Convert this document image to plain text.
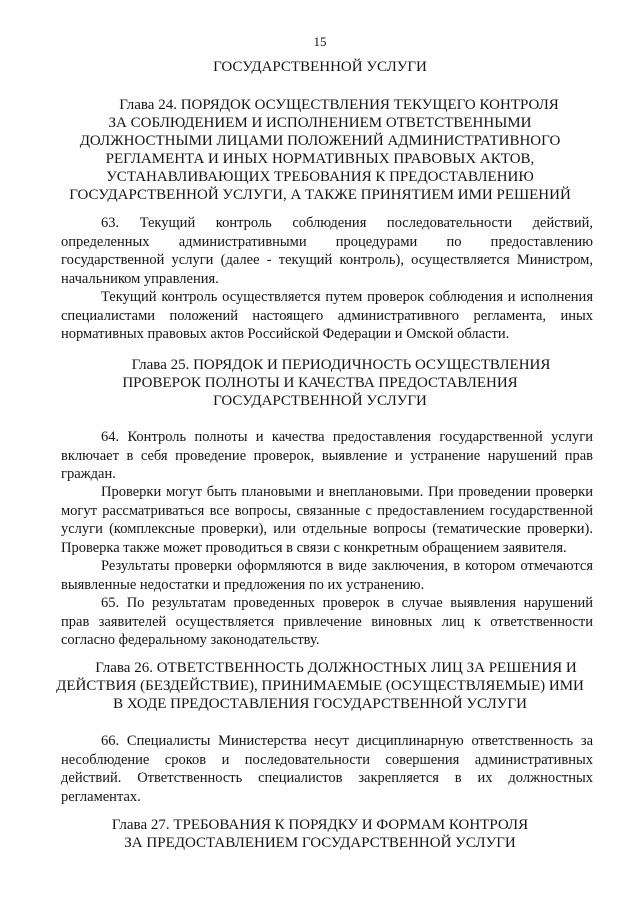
15
ГОСУДАРСТВЕННОЙ УСЛУГИ
Глава 24. ПОРЯДОК ОСУЩЕСТВЛЕНИЯ ТЕКУЩЕГО КОНТРОЛЯ
ЗА СОБЛЮДЕНИЕМ И ИСПОЛНЕНИЕМ ОТВЕТСТВЕННЫМИ
ДОЛЖНОСТНЫМИ ЛИЦАМИ ПОЛОЖЕНИЙ АДМИНИСТРАТИВНОГО
РЕГЛАМЕНТА И ИНЫХ НОРМАТИВНЫХ ПРАВОВЫХ АКТОВ,
УСТАНАВЛИВАЮЩИХ ТРЕБОВАНИЯ К ПРЕДОСТАВЛЕНИЮ
ГОСУДАРСТВЕННОЙ УСЛУГИ, А ТАКЖЕ ПРИНЯТИЕМ ИМИ РЕШЕНИЙ
63. Текущий контроль соблюдения последовательности действий,
определенных административными процедурами по предоставлению
государственной услуги (далее - текущий контроль), осуществляется Министром,
начальником управления.
Текущий контроль осуществляется путем проверок соблюдения и исполнения
специалистами положений настоящего административного регламента, иных
нормативных правовых актов Российской Федерации и Омской области.
Глава 25. ПОРЯДОК И ПЕРИОДИЧНОСТЬ ОСУЩЕСТВЛЕНИЯ
ПРОВЕРОК ПОЛНОТЫ И КАЧЕСТВА ПРЕДОСТАВЛЕНИЯ
ГОСУДАРСТВЕННОЙ УСЛУГИ
64. Контроль полноты и качества предоставления государственной услуги
включает в себя проведение проверок, выявление и устранение нарушений прав
граждан.
Проверки могут быть плановыми и внеплановыми. При проведении проверки
могут рассматриваться все вопросы, связанные с предоставлением государственной
услуги (комплексные проверки), или отдельные вопросы (тематические проверки).
Проверка также может проводиться в связи с конкретным обращением заявителя.
Результаты проверки оформляются в виде заключения, в котором отмечаются
выявленные недостатки и предложения по их устранению.
65. По результатам проведенных проверок в случае выявления нарушений
прав заявителей осуществляется привлечение виновных лиц к ответственности
согласно федеральному законодательству.
Глава 26. ОТВЕТСТВЕННОСТЬ ДОЛЖНОСТНЫХ ЛИЦ ЗА РЕШЕНИЯ И
ДЕЙСТВИЯ (БЕЗДЕЙСТВИЕ), ПРИНИМАЕМЫЕ (ОСУЩЕСТВЛЯЕМЫЕ) ИМИ
В ХОДЕ ПРЕДОСТАВЛЕНИЯ ГОСУДАРСТВЕННОЙ УСЛУГИ
66. Специалисты Министерства несут дисциплинарную ответственность за
несоблюдение сроков и последовательности совершения административных
действий. Ответственность специалистов закрепляется в их должностных
регламентах.
Глава 27. ТРЕБОВАНИЯ К ПОРЯДКУ И ФОРМАМ КОНТРОЛЯ
ЗА ПРЕДОСТАВЛЕНИЕМ ГОСУДАРСТВЕННОЙ УСЛУГИ
